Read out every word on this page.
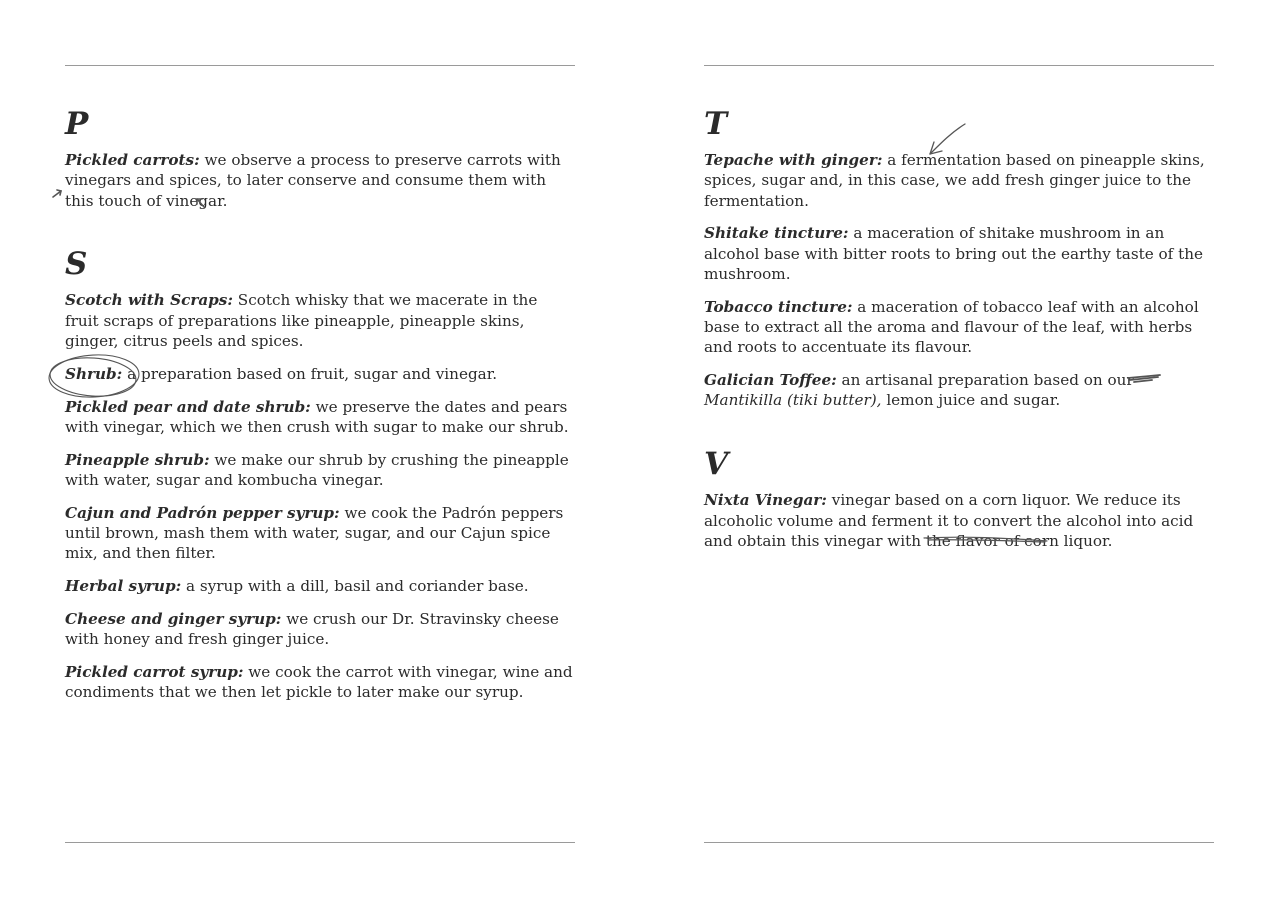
P

Pickled carrots: we observe a process to preserve carrots with vinegars and spices, to later conserve and consume them with this touch of vinegar.

S

Scotch with Scraps: Scotch whisky that we macerate in the fruit scraps of preparations like pineapple, pineapple skins, ginger, citrus peels and spices.

Shrub: a preparation based on fruit, sugar and vinegar.

Pickled pear and date shrub: we preserve the dates and pears with vinegar, which we then crush with sugar to make our shrub.

Pineapple shrub: we make our shrub by crushing the pineapple with water, sugar and kombucha vinegar.

Cajun and Padrón pepper syrup: we cook the Padrón peppers until brown, mash them with water, sugar, and our Cajun spice mix, and then filter.

Herbal syrup: a syrup with a dill, basil and coriander base.

Cheese and ginger syrup: we crush our Dr. Stravinsky cheese with honey and fresh ginger juice.

Pickled carrot syrup: we cook the carrot with vinegar, wine and condiments that we then let pickle to later make our syrup.

T

Tepache with ginger: a fermentation based on pineapple skins, spices, sugar and, in this case, we add fresh ginger juice to the fermentation.

Shitake tincture: a maceration of shitake mushroom in an alcohol base with bitter roots to bring out the earthy taste of the mushroom.

Tobacco tincture: a maceration of tobacco leaf with an alcohol base to extract all the aroma and flavour of the leaf, with herbs and roots to accentuate its flavour.

Galician Toffee: an artisanal preparation based on our Mantikilla (tiki butter), lemon juice and sugar.

V

Nixta Vinegar: vinegar based on a corn liquor. We reduce its alcoholic volume and ferment it to convert the alcohol into acid and obtain this vinegar with the flavor of corn liquor.
